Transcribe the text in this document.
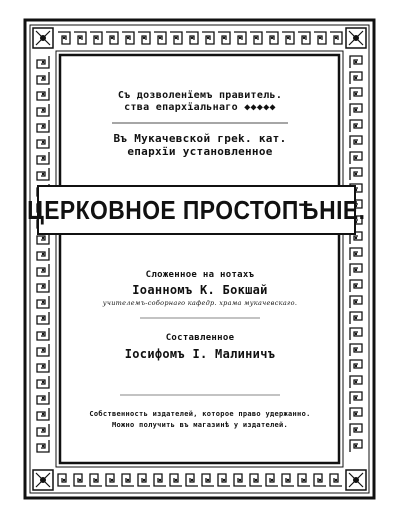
Съ дозволенїемъ правитель.
ства епархїальнаго ◆◆◆◆◆
Въ Мукачевской греk. кат.
епархїи установленное
ЦЕРКОВНОЕ ПРОСТОПѢНIЕ.
Сложенное на нотахъ
Іоанномъ К. Бокшай
учителемъ-соборнаго кафедр. храма мукачевскаго.
Составленное
Іосифомъ I. Малиничъ
Собственность издателей, которое право удержанно.
Можно получить въ магазинѣ у издателей.
